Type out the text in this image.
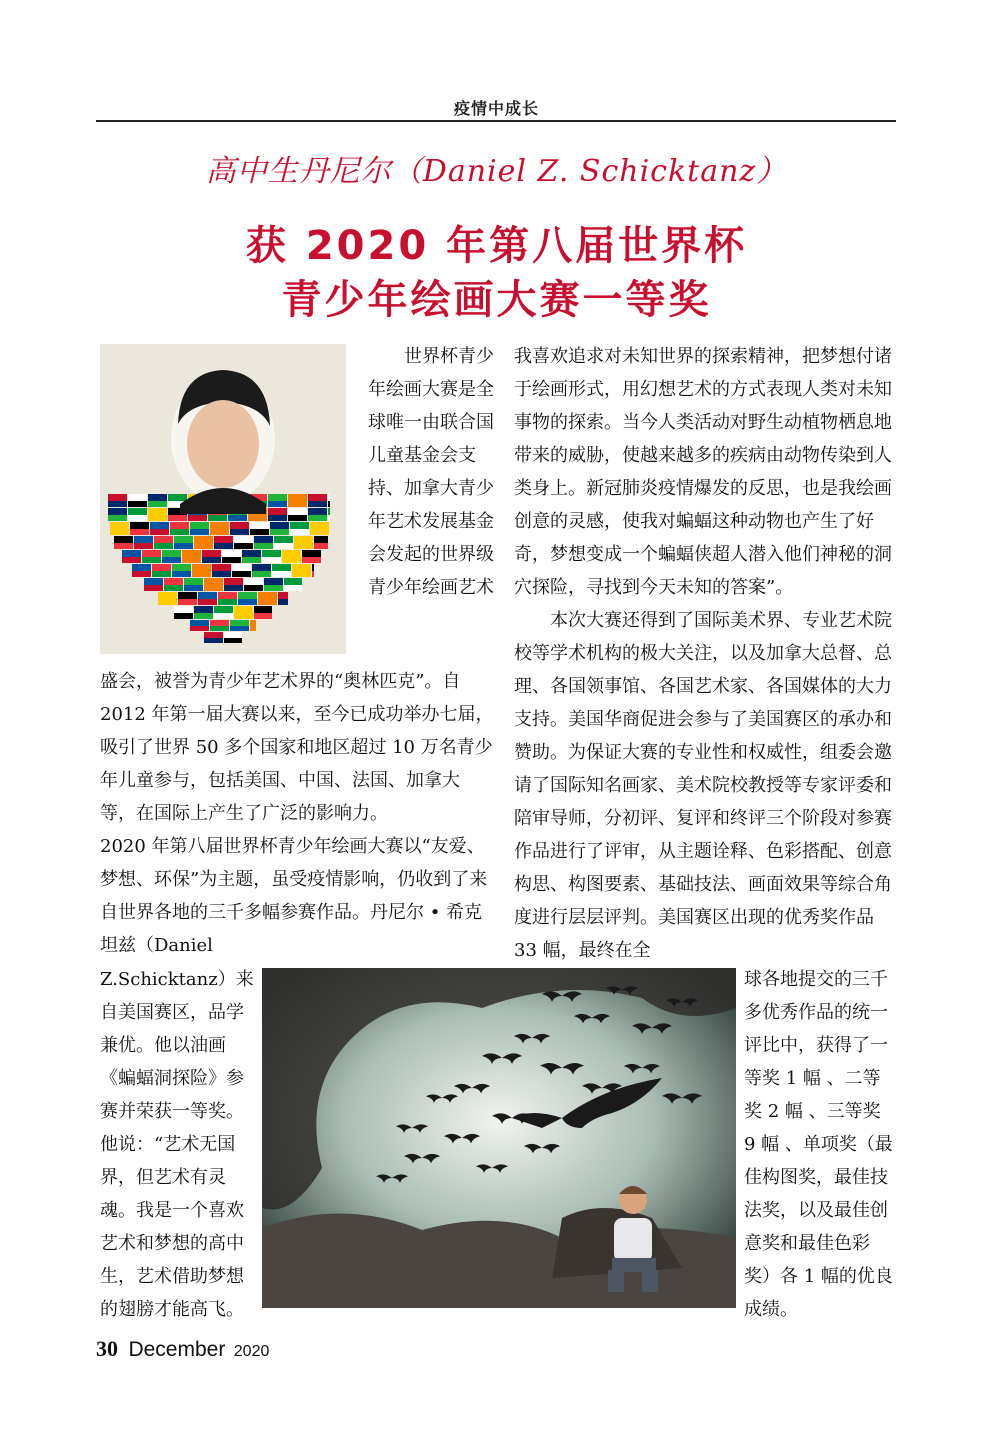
疫情中成长
高中生丹尼尔（Daniel Z. Schicktanz）
获 2020 年第八届世界杯
青少年绘画大赛一等奖

世界杯青少年绘画大赛是全球唯一由联合国儿童基金会支持、加拿大青少年艺术发展基金会发起的世界级青少年绘画艺术

盛会，被誉为青少年艺术界的“奥林匹克”。自 2012 年第一届大赛以来，至今已成功举办七届，吸引了世界 50 多个国家和地区超过 10 万名青少年儿童参与，包括美国、中国、法国、加拿大等，在国际上产生了广泛的影响力。

2020 年第八届世界杯青少年绘画大赛以“友爱、梦想、环保”为主题，虽受疫情影响，仍收到了来自世界各地的三千多幅参赛作品。丹尼尔 • 希克坦兹（Daniel

Z.Schicktanz）来自美国赛区，品学兼优。他以油画《蝙蝠洞探险》参赛并荣获一等奖。他说：“艺术无国界，但艺术有灵魂。我是一个喜欢艺术和梦想的高中生，艺术借助梦想的翅膀才能高飞。

我喜欢追求对未知世界的探索精神，把梦想付诸于绘画形式，用幻想艺术的方式表现人类对未知事物的探索。当今人类活动对野生动植物栖息地带来的威胁，使越来越多的疾病由动物传染到人类身上。新冠肺炎疫情爆发的反思，也是我绘画创意的灵感，使我对蝙蝠这种动物也产生了好奇，梦想变成一个蝙蝠侠超人潜入他们神秘的洞穴探险，寻找到今天未知的答案”。

本次大赛还得到了国际美术界、专业艺术院校等学术机构的极大关注，以及加拿大总督、总理、各国领事馆、各国艺术家、各国媒体的大力支持。美国华商促进会参与了美国赛区的承办和赞助。为保证大赛的专业性和权威性，组委会邀请了国际知名画家、美术院校教授等专家评委和陪审导师，分初评、复评和终评三个阶段对参赛作品进行了评审，从主题诠释、色彩搭配、创意构思、构图要素、基础技法、画面效果等综合角度进行层层评判。美国赛区出现的优秀奖作品 33 幅，最终在全

球各地提交的三千多优秀作品的统一评比中，获得了一等奖 1 幅 、二等奖 2 幅 、三等奖 9 幅 、单项奖（最佳构图奖，最佳技法奖，以及最佳创意奖和最佳色彩奖）各 1 幅的优良成绩。

30 December 2020
